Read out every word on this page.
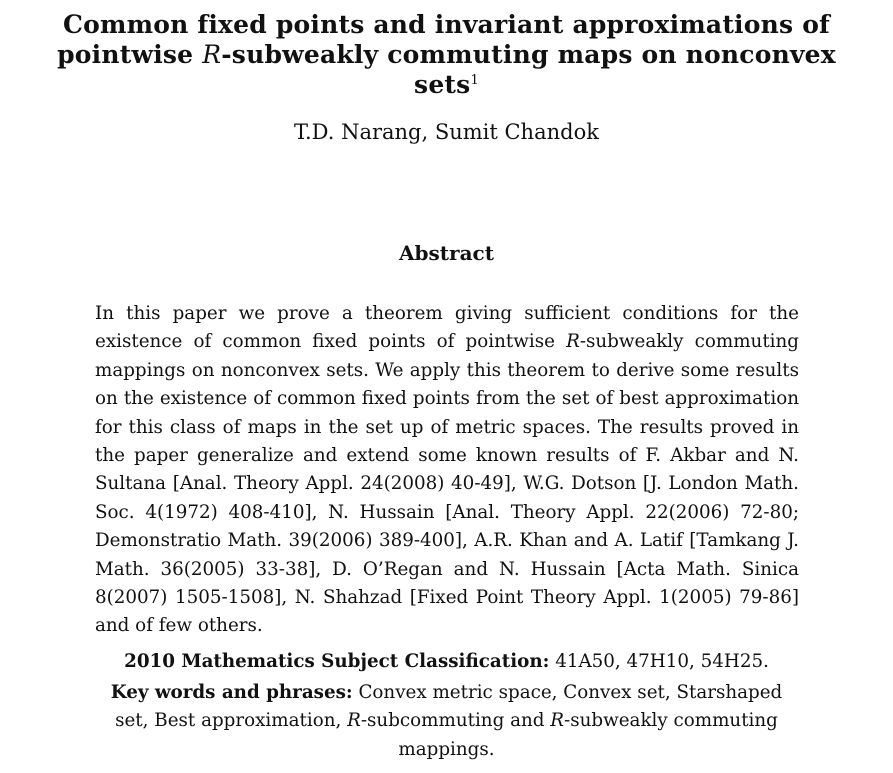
Common fixed points and invariant approximations of pointwise R-subweakly commuting maps on nonconvex sets$^1$
T.D. Narang, Sumit Chandok
Abstract
In this paper we prove a theorem giving sufficient conditions for the existence of common fixed points of pointwise R-subweakly commuting mappings on nonconvex sets. We apply this theorem to derive some results on the existence of common fixed points from the set of best approximation for this class of maps in the set up of metric spaces. The results proved in the paper generalize and extend some known results of F. Akbar and N. Sultana [Anal. Theory Appl. 24(2008) 40-49], W.G. Dotson [J. London Math. Soc. 4(1972) 408-410], N. Hussain [Anal. Theory Appl. 22(2006) 72-80; Demonstratio Math. 39(2006) 389-400], A.R. Khan and A. Latif [Tamkang J. Math. 36(2005) 33-38], D. O’Regan and N. Hussain [Acta Math. Sinica 8(2007) 1505-1508], N. Shahzad [Fixed Point Theory Appl. 1(2005) 79-86] and of few others.
2010 Mathematics Subject Classification: 41A50, 47H10, 54H25.
Key words and phrases: Convex metric space, Convex set, Starshaped set, Best approximation, R-subcommuting and R-subweakly commuting mappings.
